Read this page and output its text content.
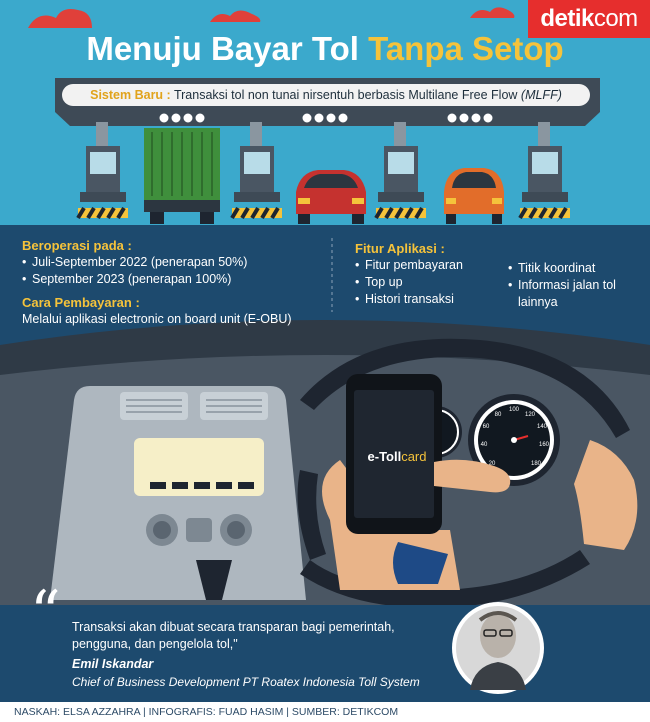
20
40
60
80
100
120
140
160
180
detik com
Menuju Bayar Tol Tanpa Setop
Sistem Baru : Transaksi tol non tunai nirsentuh berbasis Multilane Free Flow (MLFF)
Beroperasi pada :
• Juli-September 2022 (penerapan 50%)
• September 2023 (penerapan 100%)
Cara Pembayaran :
Melalui aplikasi electronic on board unit (E-OBU)
Fitur Aplikasi :
• Fitur pembayaran
• Top up
• Histori transaksi
• Titik koordinat
• Informasi jalan tol lainnya
e-Tollcard
“ Transaksi akan dibuat secara transparan bagi pemerintah, pengguna, dan pengelola tol,"
Emil Iskandar
Chief of Business Development PT Roatex Indonesia Toll System
NASKAH: ELSA AZZAHRA | INFOGRAFIS: FUAD HASIM | SUMBER: DETIKCOM
